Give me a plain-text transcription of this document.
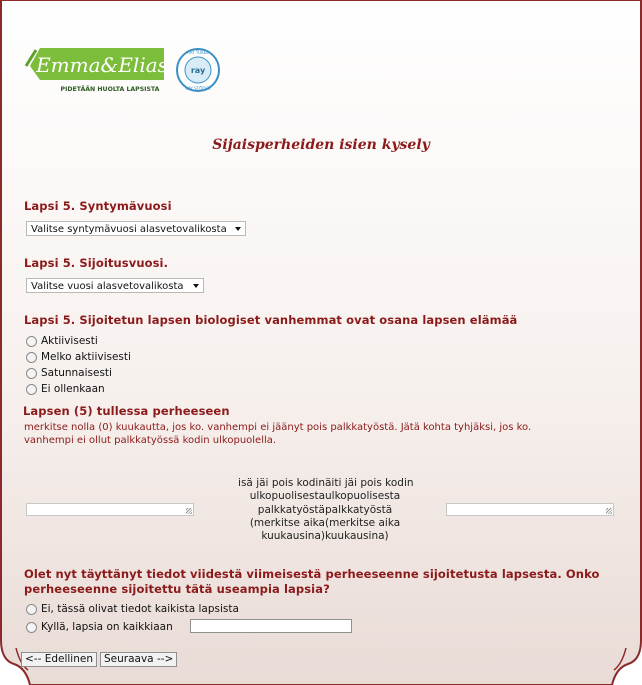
Emma&Elias
PIDETÄÄN HUOLTA LAPSISTA
ray
RAY TUKEE
RAY STÖDER
Sijaisperheiden isien kysely
Lapsi 5. Syntymävuosi
Valitse syntymävuosi alasvetovalikosta
Lapsi 5. Sijoitusvuosi.
Valitse vuosi alasvetovalikosta
Lapsi 5. Sijoitetun lapsen biologiset vanhemmat ovat osana lapsen elämää
Aktiivisesti
Melko aktiivisesti
Satunnaisesti
Ei ollenkaan
Lapsen (5) tullessa perheeseen
merkitse nolla (0) kuukautta, jos ko. vanhempi ei jäänyt pois palkkatyöstä. Jätä kohta tyhjäksi, jos ko.
vanhempi ei ollut palkkatyössä kodin ulkopuolella.
isä jäi pois kodin
ulkopuolisesta
palkkatyöstä
(merkitse aika
kuukausina)
äiti jäi pois kodin
ulkopuolisesta
palkkatyöstä
(merkitse aika
kuukausina)
Olet nyt täyttänyt tiedot viidestä viimeisestä perheeseenne sijoitetusta lapsesta. Onko
perheeseenne sijoitettu tätä useampia lapsia?
Ei, tässä olivat tiedot kaikista lapsista
Kyllä, lapsia on kaikkiaan
<-- Edellinen	Seuraava -->
